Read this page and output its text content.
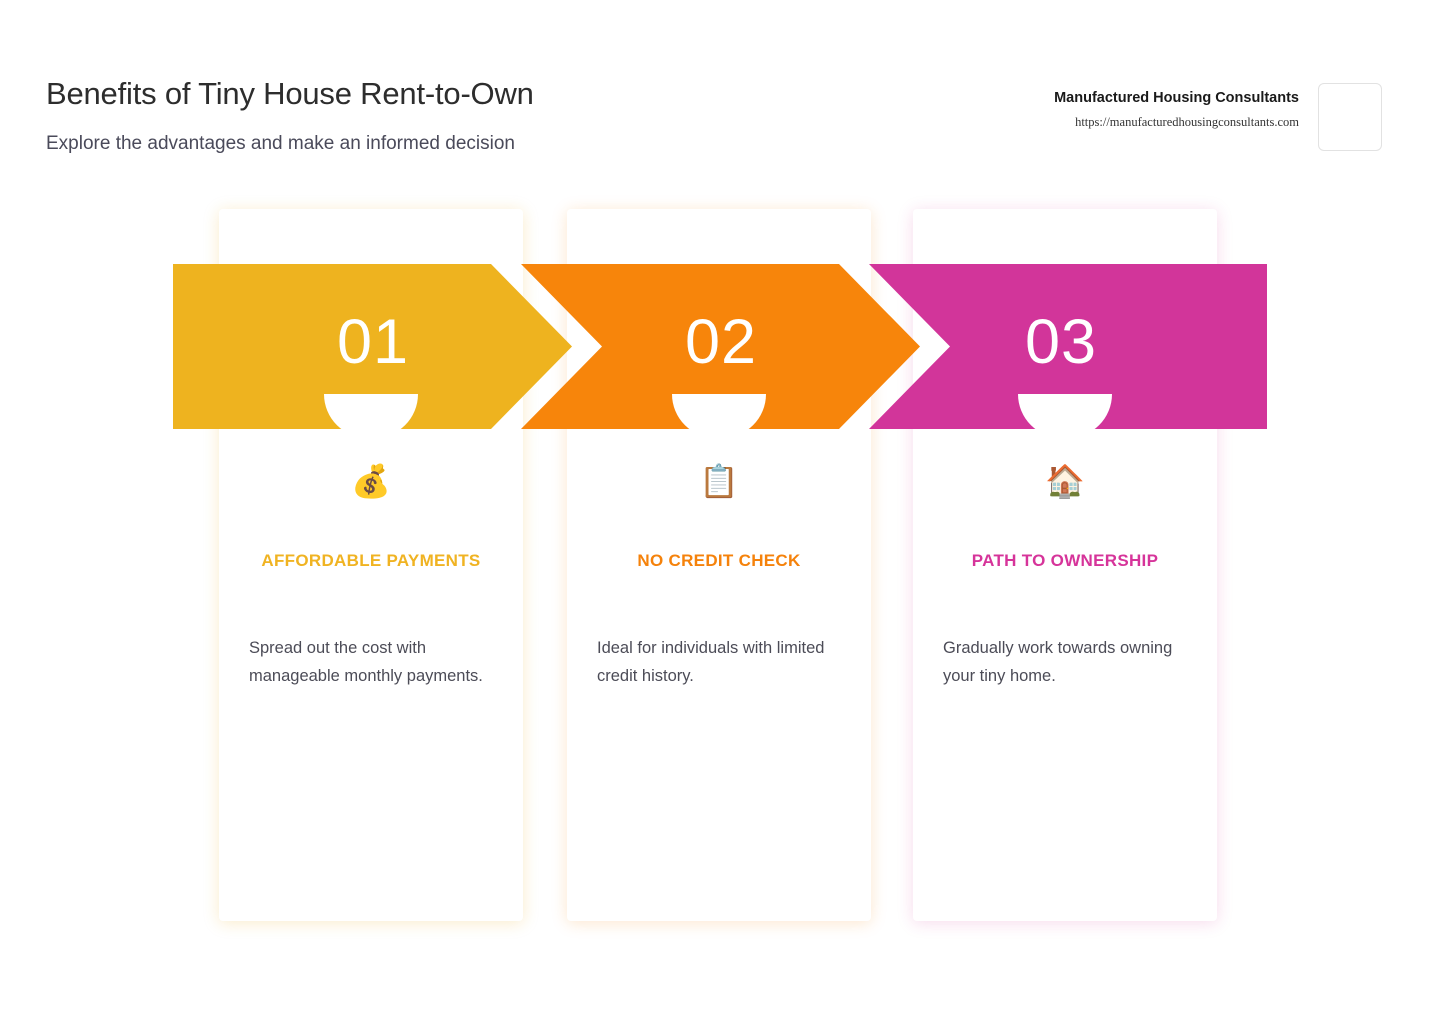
Benefits of Tiny House Rent-to-Own
Explore the advantages and make an informed decision
Manufactured Housing Consultants
https://manufacturedhousingconsultants.com
💰
AFFORDABLE PAYMENTS
Spread out the cost with manageable monthly payments.
📋
NO CREDIT CHECK
Ideal for individuals with limited credit history.
🏠
PATH TO OWNERSHIP
Gradually work towards owning your tiny home.
01	02	03
